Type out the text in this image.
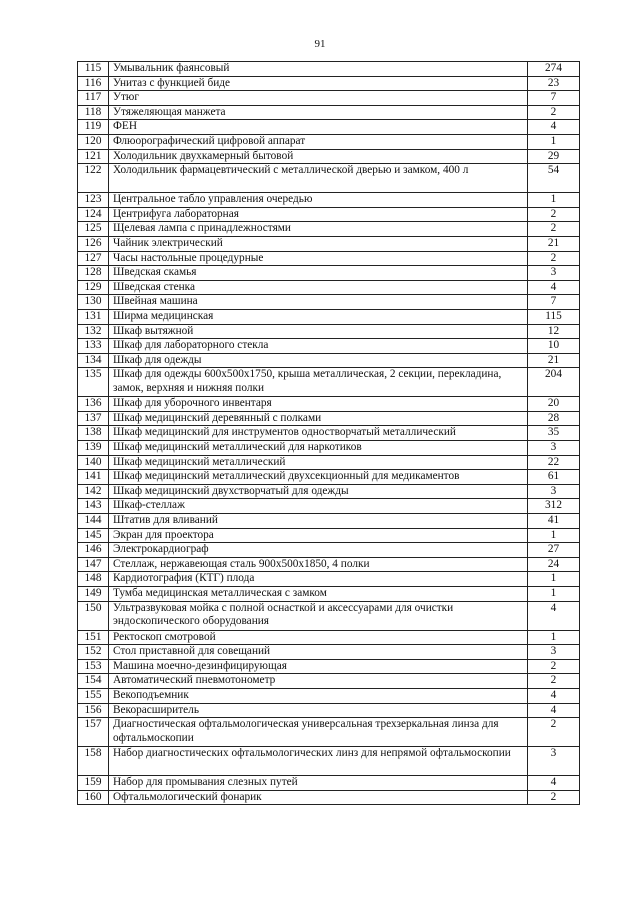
91
115	Умывальник фаянсовый	274
116	Унитаз с функцией биде	23
117	Утюг	7
118	Утяжеляющая манжета	2
119	ФЕН	4
120	Флюорографический цифровой аппарат	1
121	Холодильник двухкамерный бытовой	29
122	Холодильник фармацевтический с металлической дверью и замком, 400 л	54
123	Центральное табло управления очередью	1
124	Центрифуга лабораторная	2
125	Щелевая лампа с принадлежностями	2
126	Чайник электрический	21
127	Часы настольные процедурные	2
128	Шведская скамья	3
129	Шведская стенка	4
130	Швейная машина	7
131	Ширма медицинская	115
132	Шкаф вытяжной	12
133	Шкаф для лабораторного стекла	10
134	Шкаф для одежды	21
135	Шкаф для одежды 600х500х1750, крыша металлическая, 2 секции, перекладина, замок, верхняя и нижняя полки	204
136	Шкаф для уборочного инвентаря	20
137	Шкаф медицинский деревянный с полками	28
138	Шкаф медицинский для инструментов одностворчатый металлический	35
139	Шкаф медицинский металлический для наркотиков	3
140	Шкаф медицинский металлический	22
141	Шкаф медицинский металлический двухсекционный для медикаментов	61
142	Шкаф медицинский двухстворчатый для одежды	3
143	Шкаф-стеллаж	312
144	Штатив для вливаний	41
145	Экран для проектора	1
146	Электрокардиограф	27
147	Стеллаж, нержавеющая сталь 900х500х1850, 4 полки	24
148	Кардиотография (КТГ) плода	1
149	Тумба медицинская металлическая с замком	1
150	Ультразвуковая мойка с полной оснасткой и аксессуарами для очистки эндоскопического оборудования	4
151	Ректоскоп смотровой	1
152	Стол приставной для совещаний	3
153	Машина моечно-дезинфицирующая	2
154	Автоматический пневмотонометр	2
155	Векоподъемник	4
156	Векорасширитель	4
157	Диагностическая офтальмологическая универсальная трехзеркальная линза для офтальмоскопии	2
158	Набор диагностических офтальмологических линз для непрямой офтальмоскопии	3
159	Набор для промывания слезных путей	4
160	Офтальмологический фонарик	2
